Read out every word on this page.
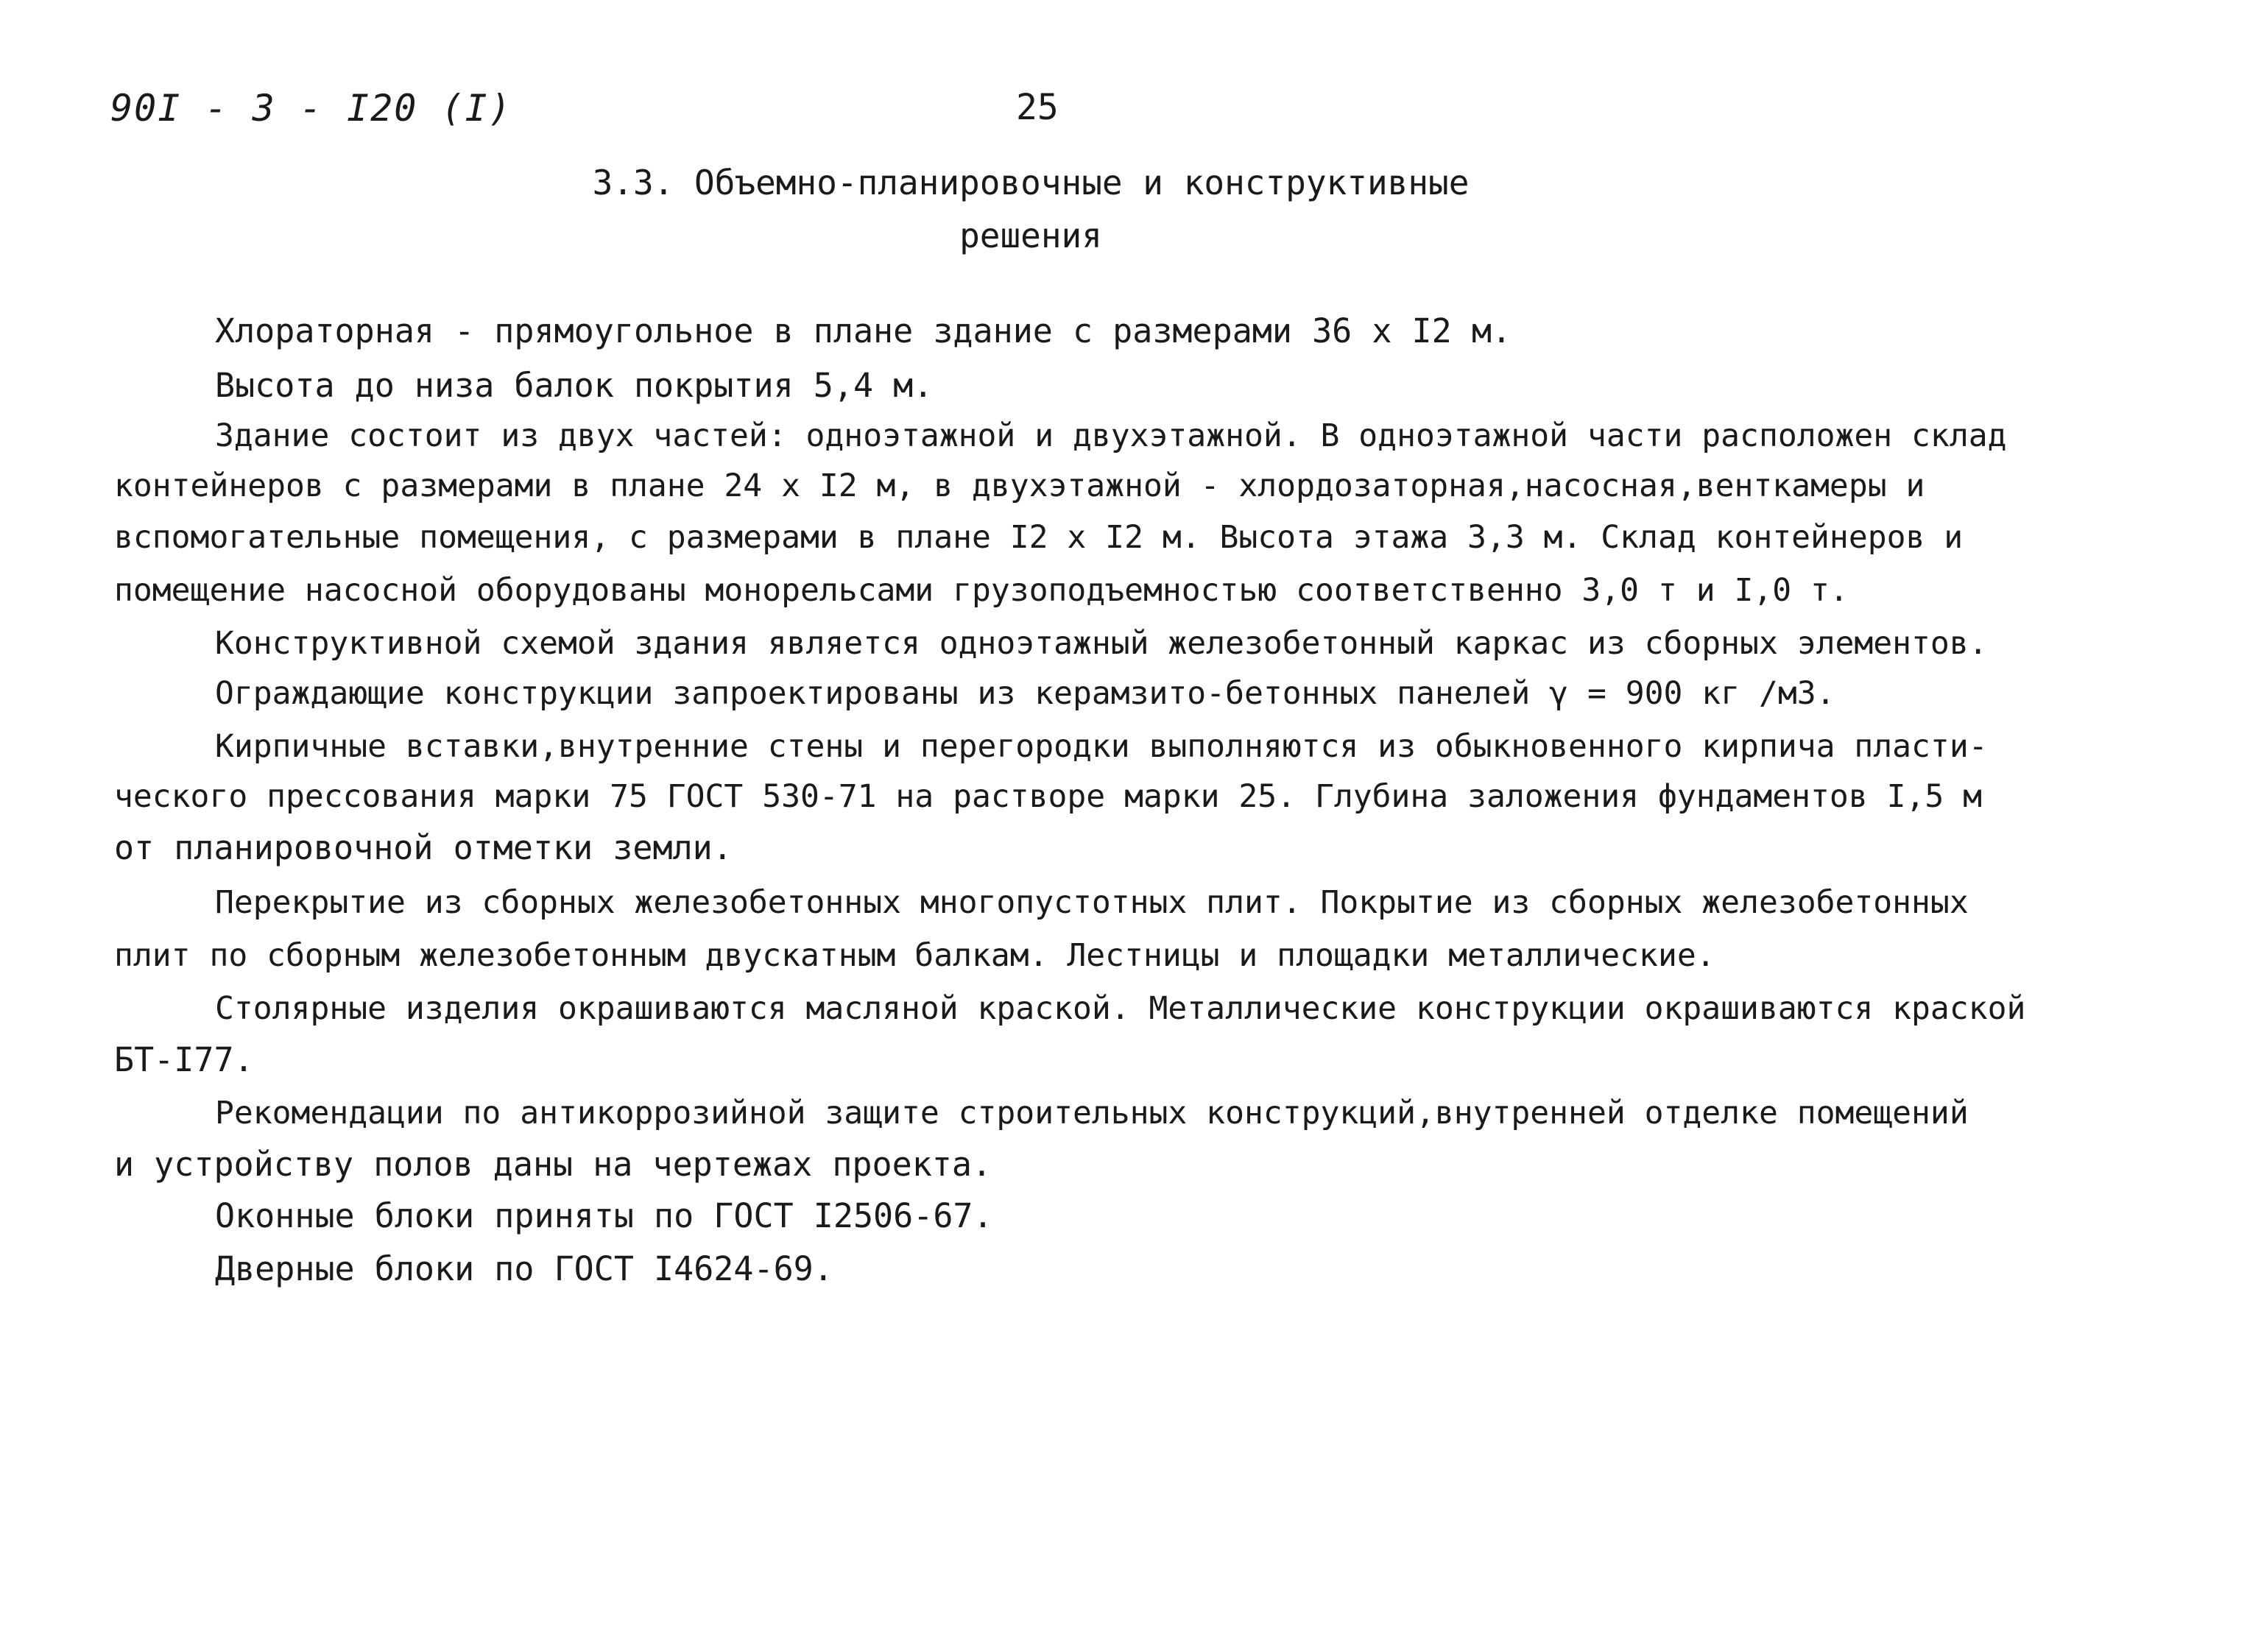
90I - 3 - I20 (I)	25
3.3. Объемно-планировочные и конструктивные
решения
Хлораторная - прямоугольное в плане здание с размерами 36 х I2 м.
Высота до низа балок покрытия 5,4 м.
Здание состоит из двух частей: одноэтажной и двухэтажной. В одноэтажной части расположен склад
контейнеров с размерами в плане 24 х I2 м, в двухэтажной - хлордозаторная,насосная,венткамеры и
вспомогательные помещения, с размерами в плане I2 х I2 м. Высота этажа 3,3 м. Склад контейнеров и
помещение насосной оборудованы монорельсами грузоподъемностью соответственно 3,0 т и I,0 т.
Конструктивной схемой здания является одноэтажный железобетонный каркас из сборных элементов.
Ограждающие конструкции запроектированы из керамзито-бетонных панелей γ = 900 кг /м3.
Кирпичные вставки,внутренние стены и перегородки выполняются из обыкновенного кирпича пласти-
ческого прессования марки 75 ГОСТ 530-71 на растворе марки 25. Глубина заложения фундаментов I,5 м
от планировочной отметки земли.
Перекрытие из сборных железобетонных многопустотных плит. Покрытие из сборных железобетонных
плит по сборным железобетонным двускатным балкам. Лестницы и площадки металлические.
Столярные изделия окрашиваются масляной краской. Металлические конструкции окрашиваются краской
БТ-I77.
Рекомендации по антикоррозийной защите строительных конструкций,внутренней отделке помещений
и устройству полов даны на чертежах проекта.
Оконные блоки приняты по ГОСТ I2506-67.
Дверные блоки по ГОСТ I4624-69.
